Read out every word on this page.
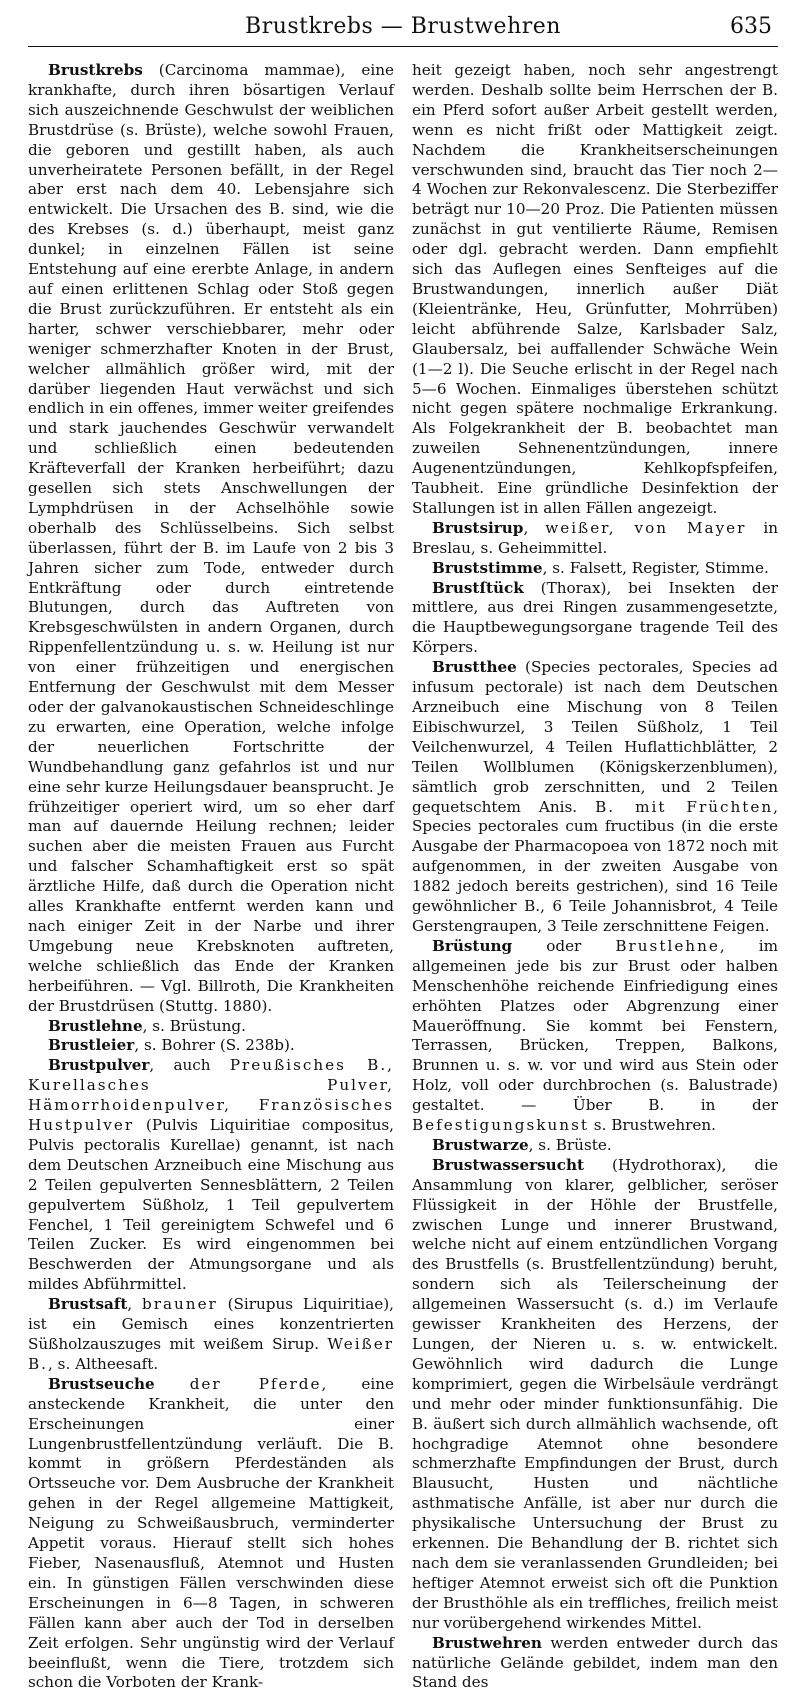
Brustkrebs — Brustwehren	635

Brustkrebs (Carcinoma mammae), eine krankhafte, durch ihren bösartigen Verlauf sich auszeichnende Geschwulst der weiblichen Brustdrüse (s. Brüste), welche sowohl Frauen, die geboren und gestillt haben, als auch unverheiratete Personen befällt, in der Regel aber erst nach dem 40. Lebensjahre sich entwickelt. Die Ursachen des B. sind, wie die des Krebses (s. d.) überhaupt, meist ganz dunkel; in einzelnen Fällen ist seine Entstehung auf eine ererbte Anlage, in andern auf einen erlittenen Schlag oder Stoß gegen die Brust zurückzuführen. Er entsteht als ein harter, schwer verschiebbarer, mehr oder weniger schmerzhafter Knoten in der Brust, welcher allmählich größer wird, mit der darüber liegenden Haut verwächst und sich endlich in ein offenes, immer weiter greifendes und stark jauchendes Geschwür verwandelt und schließlich einen bedeutenden Kräfteverfall der Kranken herbeiführt; dazu gesellen sich stets Anschwellungen der Lymphdrüsen in der Achselhöhle sowie oberhalb des Schlüsselbeins. Sich selbst überlassen, führt der B. im Laufe von 2 bis 3 Jahren sicher zum Tode, entweder durch Entkräftung oder durch eintretende Blutungen, durch das Auftreten von Krebsgeschwülsten in andern Organen, durch Rippenfellentzündung u. s. w. Heilung ist nur von einer frühzeitigen und energischen Entfernung der Geschwulst mit dem Messer oder der galvanokaustischen Schneideschlinge zu erwarten, eine Operation, welche infolge der neuerlichen Fortschritte der Wundbehandlung ganz gefahrlos ist und nur eine sehr kurze Heilungsdauer beansprucht. Je frühzeitiger operiert wird, um so eher darf man auf dauernde Heilung rechnen; leider suchen aber die meisten Frauen aus Furcht und falscher Schamhaftigkeit erst so spät ärztliche Hilfe, daß durch die Operation nicht alles Krankhafte entfernt werden kann und nach einiger Zeit in der Narbe und ihrer Umgebung neue Krebsknoten auftreten, welche schließlich das Ende der Kranken herbeiführen. — Vgl. Billroth, Die Krankheiten der Brustdrüsen (Stuttg. 1880).

Brustlehne, s. Brüstung.

Brustleier, s. Bohrer (S. 238b).

Brustpulver, auch Preußisches B., Kurellasches Pulver, Hämorrhoidenpulver, Französisches Hustpulver (Pulvis Liquiritiae compositus, Pulvis pectoralis Kurellae) genannt, ist nach dem Deutschen Arzneibuch eine Mischung aus 2 Teilen gepulverten Sennesblättern, 2 Teilen gepulvertem Süßholz, 1 Teil gepulvertem Fenchel, 1 Teil gereinigtem Schwefel und 6 Teilen Zucker. Es wird eingenommen bei Beschwerden der Atmungsorgane und als mildes Abführmittel.

Brustsaft, brauner (Sirupus Liquiritiae), ist ein Gemisch eines konzentrierten Süßholzauszuges mit weißem Sirup. Weißer B., s. Altheesaft.

Brustseuche der Pferde, eine ansteckende Krankheit, die unter den Erscheinungen einer Lungenbrustfellentzündung verläuft. Die B. kommt in größern Pferdeständen als Ortsseuche vor. Dem Ausbruche der Krankheit gehen in der Regel allgemeine Mattigkeit, Neigung zu Schweißausbruch, verminderter Appetit voraus. Hierauf stellt sich hohes Fieber, Nasenausfluß, Atemnot und Husten ein. In günstigen Fällen verschwinden diese Erscheinungen in 6—8 Tagen, in schweren Fällen kann aber auch der Tod in derselben Zeit erfolgen. Sehr ungünstig wird der Verlauf beeinflußt, wenn die Tiere, trotzdem sich schon die Vorboten der Krank-

heit gezeigt haben, noch sehr angestrengt werden. Deshalb sollte beim Herrschen der B. ein Pferd sofort außer Arbeit gestellt werden, wenn es nicht frißt oder Mattigkeit zeigt. Nachdem die Krankheitserscheinungen verschwunden sind, braucht das Tier noch 2—4 Wochen zur Rekonvalescenz. Die Sterbeziffer beträgt nur 10—20 Proz. Die Patienten müssen zunächst in gut ventilierte Räume, Remisen oder dgl. gebracht werden. Dann empfiehlt sich das Auflegen eines Senfteiges auf die Brustwandungen, innerlich außer Diät (Kleientränke, Heu, Grünfutter, Mohrrüben) leicht abführende Salze, Karlsbader Salz, Glaubersalz, bei auffallender Schwäche Wein (1—2 l). Die Seuche erlischt in der Regel nach 5—6 Wochen. Einmaliges überstehen schützt nicht gegen spätere nochmalige Erkrankung. Als Folgekrankheit der B. beobachtet man zuweilen Sehnenentzündungen, innere Augenentzündungen, Kehlkopfspfeifen, Taubheit. Eine gründliche Desinfektion der Stallungen ist in allen Fällen angezeigt.

Brustsirup, weißer, von Mayer in Breslau, s. Geheimmittel.

Bruststimme, s. Falsett, Register, Stimme.

Brustſtück (Thorax), bei Insekten der mittlere, aus drei Ringen zusammengesetzte, die Hauptbewegungsorgane tragende Teil des Körpers.

Brustthee (Species pectorales, Species ad infusum pectorale) ist nach dem Deutschen Arzneibuch eine Mischung von 8 Teilen Eibischwurzel, 3 Teilen Süßholz, 1 Teil Veilchenwurzel, 4 Teilen Huflattichblätter, 2 Teilen Wollblumen (Königskerzenblumen), sämtlich grob zerschnitten, und 2 Teilen gequetschtem Anis. B. mit Früchten, Species pectorales cum fructibus (in die erste Ausgabe der Pharmacopoea von 1872 noch mit aufgenommen, in der zweiten Ausgabe von 1882 jedoch bereits gestrichen), sind 16 Teile gewöhnlicher B., 6 Teile Johannisbrot, 4 Teile Gerstengraupen, 3 Teile zerschnittene Feigen.

Brüstung oder Brustlehne, im allgemeinen jede bis zur Brust oder halben Menschenhöhe reichende Einfriedigung eines erhöhten Platzes oder Abgrenzung einer Maueröffnung. Sie kommt bei Fenstern, Terrassen, Brücken, Treppen, Balkons, Brunnen u. s. w. vor und wird aus Stein oder Holz, voll oder durchbrochen (s. Balustrade) gestaltet. — Über B. in der Befestigungskunst s. Brustwehren.

Brustwarze, s. Brüste.

Brustwassersucht (Hydrothorax), die Ansammlung von klarer, gelblicher, seröser Flüssigkeit in der Höhle der Brustfelle, zwischen Lunge und innerer Brustwand, welche nicht auf einem entzündlichen Vorgang des Brustfells (s. Brustfellentzündung) beruht, sondern sich als Teilerscheinung der allgemeinen Wassersucht (s. d.) im Verlaufe gewisser Krankheiten des Herzens, der Lungen, der Nieren u. s. w. entwickelt. Gewöhnlich wird dadurch die Lunge komprimiert, gegen die Wirbelsäule verdrängt und mehr oder minder funktionsunfähig. Die B. äußert sich durch allmählich wachsende, oft hochgradige Atemnot ohne besondere schmerzhafte Empfindungen der Brust, durch Blausucht, Husten und nächtliche asthmatische Anfälle, ist aber nur durch die physikalische Untersuchung der Brust zu erkennen. Die Behandlung der B. richtet sich nach dem sie veranlassenden Grundleiden; bei heftiger Atemnot erweist sich oft die Punktion der Brusthöhle als ein treffliches, freilich meist nur vorübergehend wirkendes Mittel.

Brustwehren werden entweder durch das natürliche Gelände gebildet, indem man den Stand des
